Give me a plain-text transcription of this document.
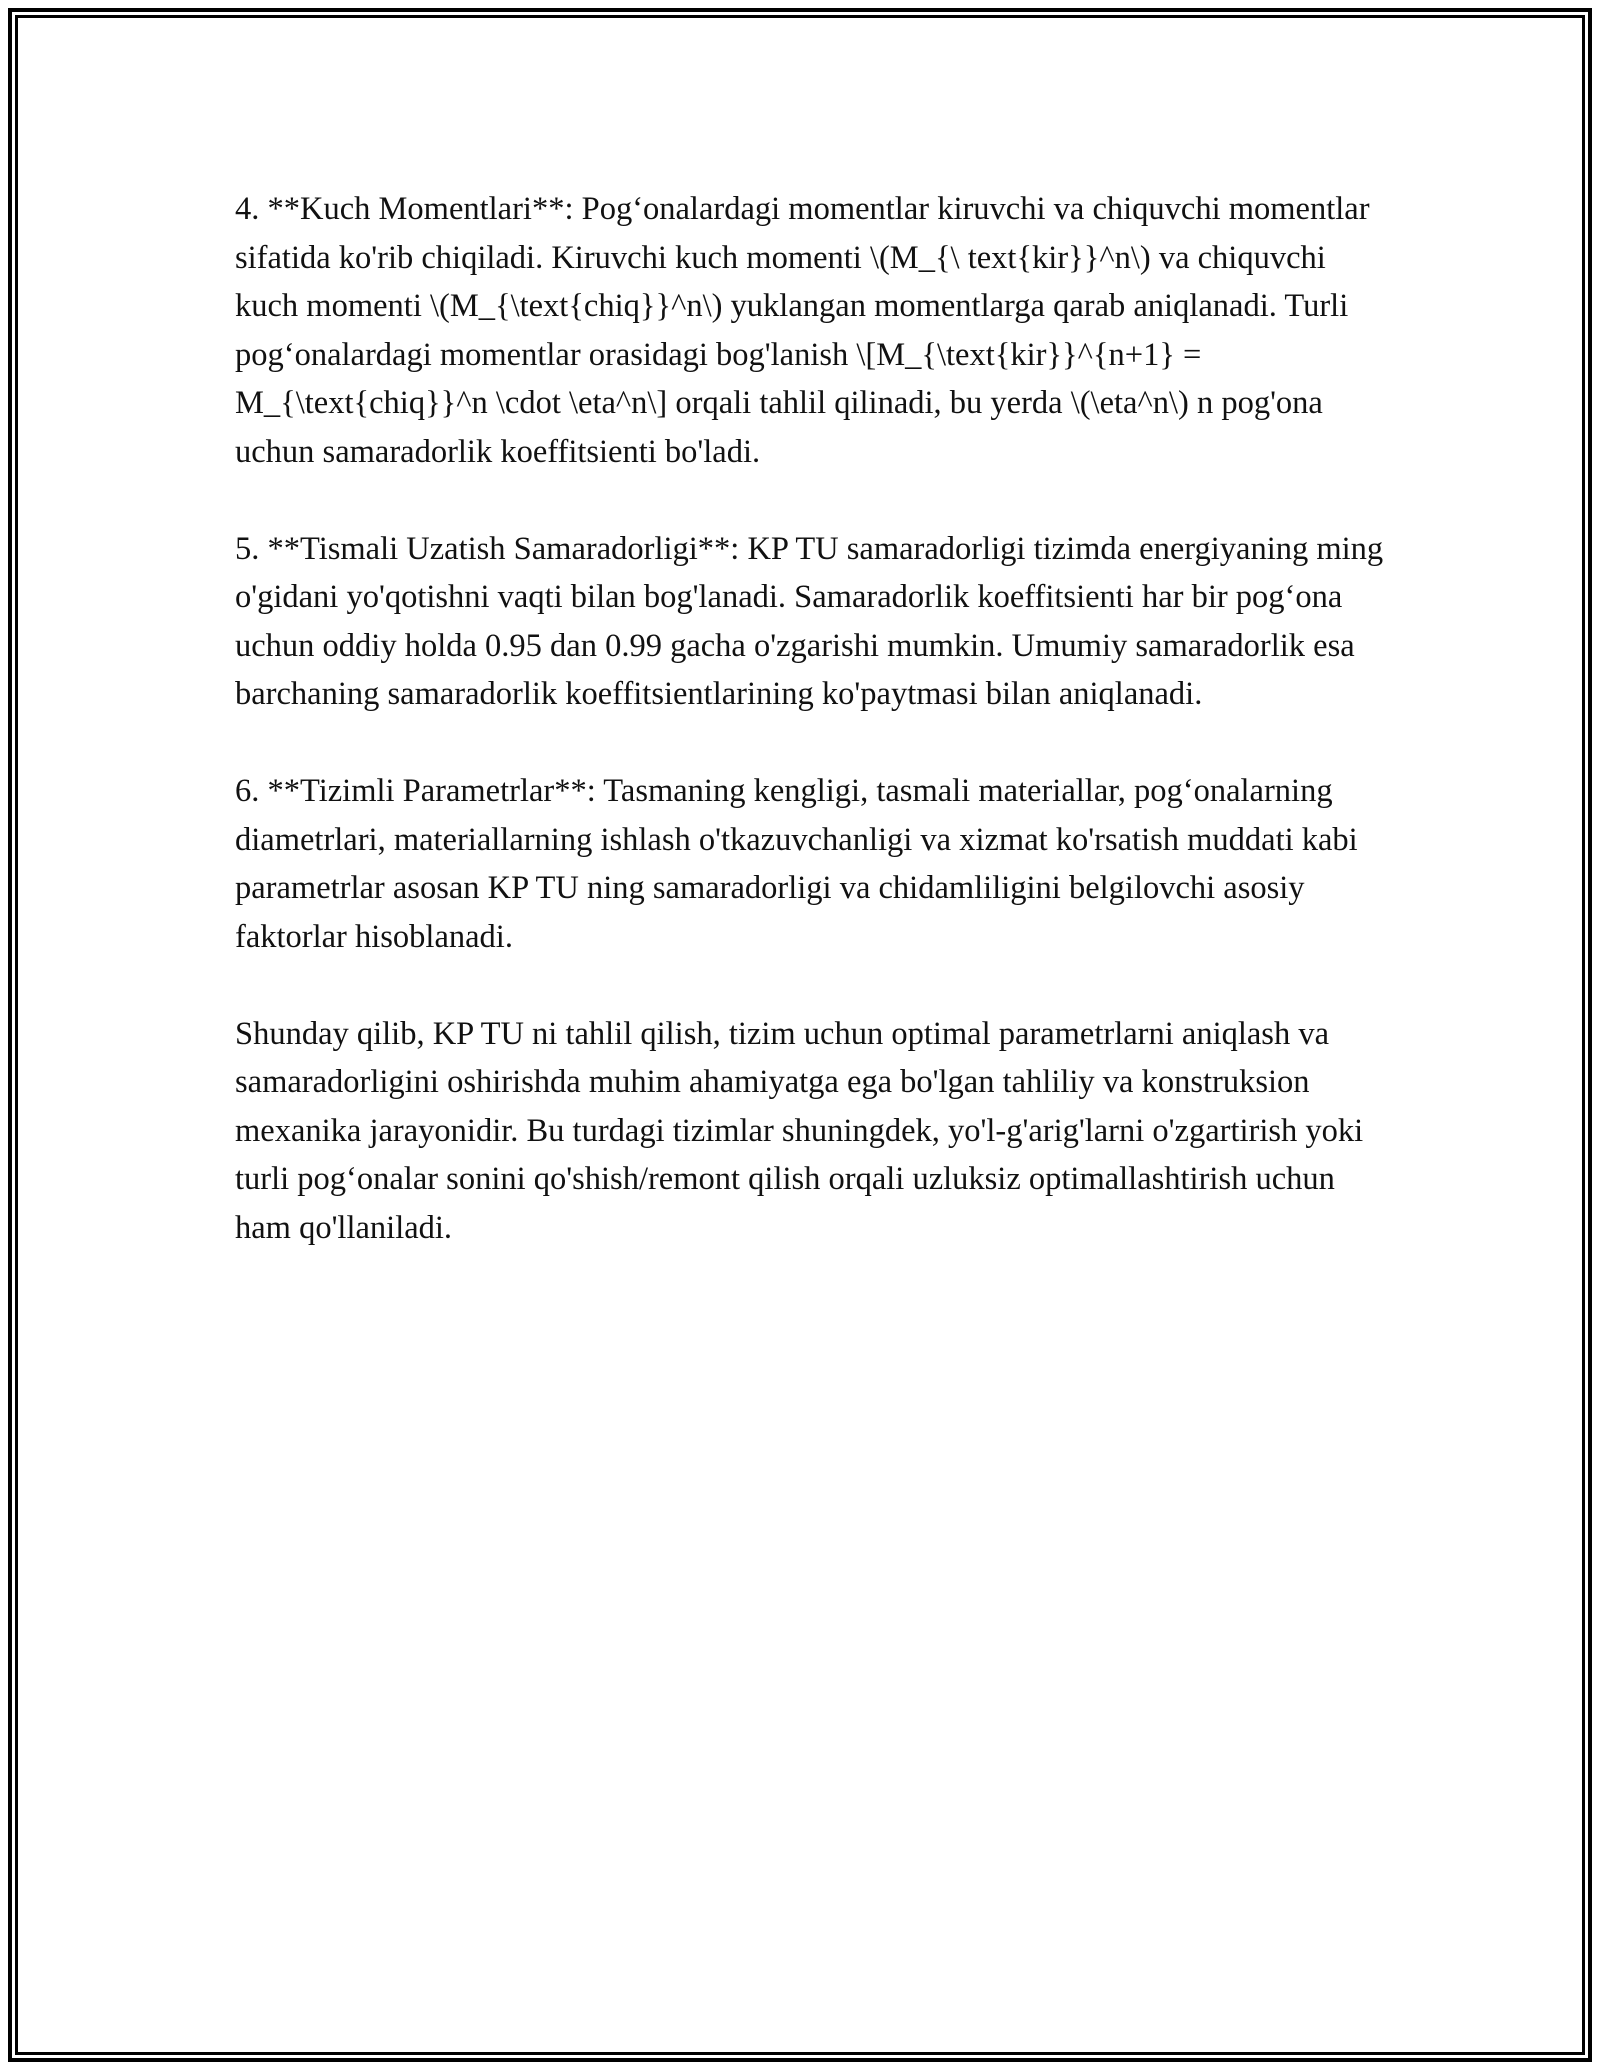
4. **Kuch Momentlari**: Pog‘onalardagi momentlar kiruvchi va chiquvchi momentlar sifatida ko'rib chiqiladi. Kiruvchi kuch momenti \(M_{\ text{kir}}^n\) va chiquvchi kuch momenti \(M_{\text{chiq}}^n\) yuklangan momentlarga qarab aniqlanadi. Turli pog‘onalardagi momentlar orasidagi bog'lanish \[M_{\text{kir}}^{n+1} = M_{\text{chiq}}^n \cdot \eta^n\] orqali tahlil qilinadi, bu yerda \(\eta^n\) n pog'ona uchun samaradorlik koeffitsienti bo'ladi.

5. **Tismali Uzatish Samaradorligi**: KP TU samaradorligi tizimda energiyaning ming o'gidani yo'qotishni vaqti bilan bog'lanadi. Samaradorlik koeffitsienti har bir pog‘ona uchun oddiy holda 0.95 dan 0.99 gacha o'zgarishi mumkin. Umumiy samaradorlik esa barchaning samaradorlik koeffitsientlarining ko'paytmasi bilan aniqlanadi.

6. **Tizimli Parametrlar**: Tasmaning kengligi, tasmali materiallar, pog‘onalarning diametrlari, materiallarning ishlash o'tkazuvchanligi va xizmat ko'rsatish muddati kabi parametrlar asosan KP TU ning samaradorligi va chidamliligini belgilovchi asosiy faktorlar hisoblanadi.

Shunday qilib, KP TU ni tahlil qilish, tizim uchun optimal parametrlarni aniqlash va samaradorligini oshirishda muhim ahamiyatga ega bo'lgan tahliliy va konstruksion mexanika jarayonidir. Bu turdagi tizimlar shuningdek, yo'l-g'arig'larni o'zgartirish yoki turli pog‘onalar sonini qo'shish/remont qilish orqali uzluksiz optimallashtirish uchun ham qo'llaniladi.
